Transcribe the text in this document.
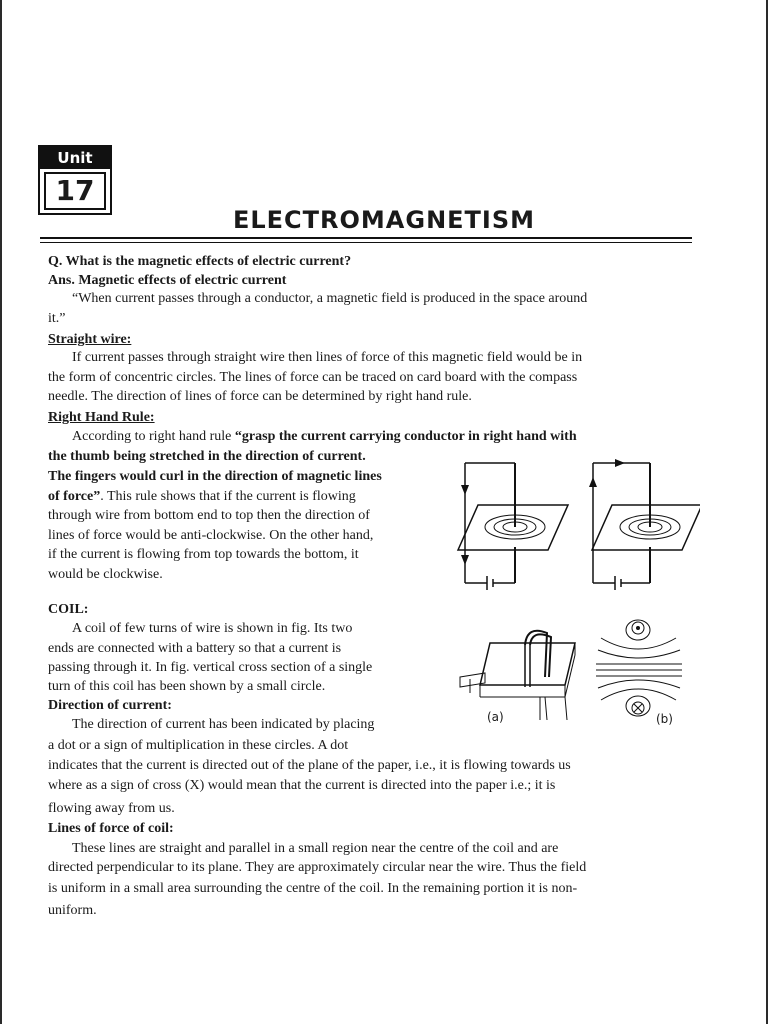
Unit
17
ELECTROMAGNETISM
Q. What is the magnetic effects of electric current?
Ans. Magnetic effects of electric current
“When current passes through a conductor, a magnetic field is produced in the space around
it.”
Straight wire:
If current passes through straight wire then lines of force of this magnetic field would be in
the form of concentric circles. The lines of force can be traced on card board with the compass
needle. The direction of lines of force can be determined by right hand rule.
Right Hand Rule:
According to right hand rule “grasp the current carrying conductor in right hand with
the thumb being stretched in the direction of current.
The fingers would curl in the direction of magnetic lines
of force”. This rule shows that if the current is flowing
through wire from bottom end to top then the direction of
lines of force would be anti-clockwise. On the other hand,
if the current is flowing from top towards the bottom, it
would be clockwise.
COIL:
A coil of few turns of wire is shown in fig. Its two
ends are connected with a battery so that a current is
passing through it. In fig. vertical cross section of a single
turn of this coil has been shown by a small circle.
(a)	(b)
Direction of current:
The direction of current has been indicated by placing
a dot or a sign of multiplication in these circles. A dot
indicates that the current is directed out of the plane of the paper, i.e., it is flowing towards us
where as a sign of cross (X) would mean that the current is directed into the paper i.e.; it is
flowing away from us.
Lines of force of coil:
These lines are straight and parallel in a small region near the centre of the coil and are
directed perpendicular to its plane. They are approximately circular near the wire. Thus the field
is uniform in a small area surrounding the centre of the coil. In the remaining portion it is non-
uniform.
